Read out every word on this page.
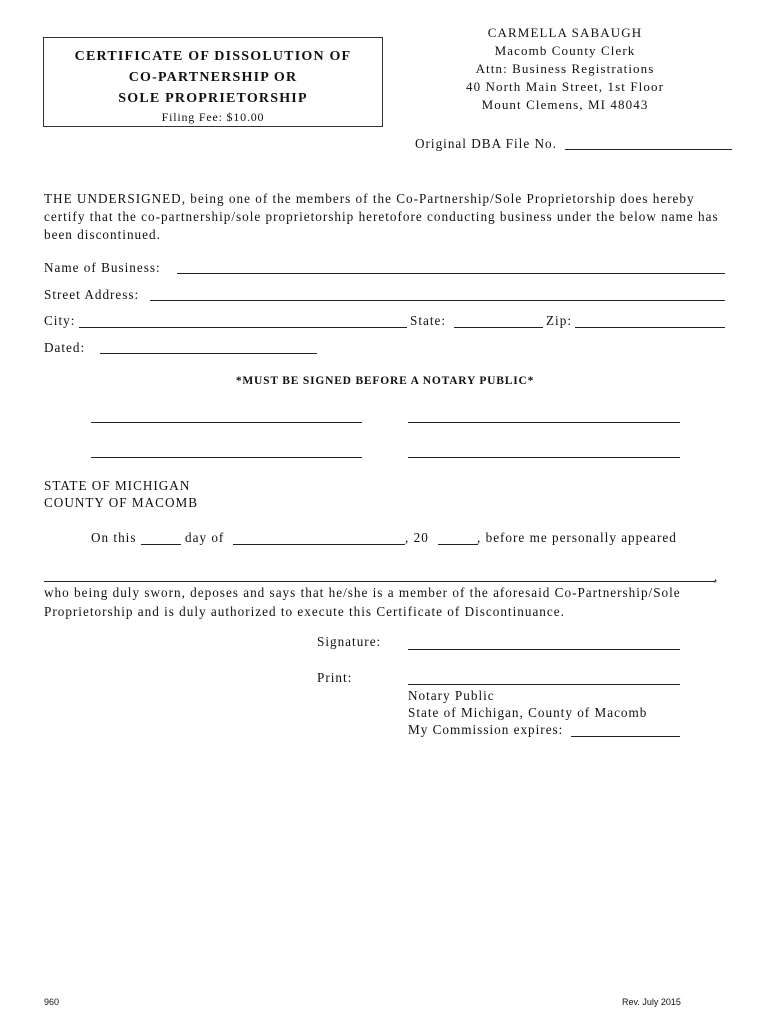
CERTIFICATE OF DISSOLUTION OF
CO-PARTNERSHIP OR
SOLE PROPRIETORSHIP
Filing Fee: $10.00
CARMELLA SABAUGH
Macomb County Clerk
Attn: Business Registrations
40 North Main Street, 1st Floor
Mount Clemens, MI 48043
Original DBA File No.
THE UNDERSIGNED, being one of the members of the Co-Partnership/Sole Proprietorship does hereby certify that the co-partnership/sole proprietorship heretofore conducting business under the below name has been discontinued.
Name of Business:
Street Address:
City:	State:	Zip:
Dated:
*MUST BE SIGNED BEFORE A NOTARY PUBLIC*
STATE OF MICHIGAN
COUNTY OF MACOMB
On this	day of	, 20	, before me personally appeared
,
who being duly sworn, deposes and says that he/she is a member of the aforesaid Co-Partnership/Sole Proprietorship and is duly authorized to execute this Certificate of Discontinuance.
Signature:
Print:
Notary Public
State of Michigan, County of Macomb
My Commission expires:
960	Rev. July 2015
